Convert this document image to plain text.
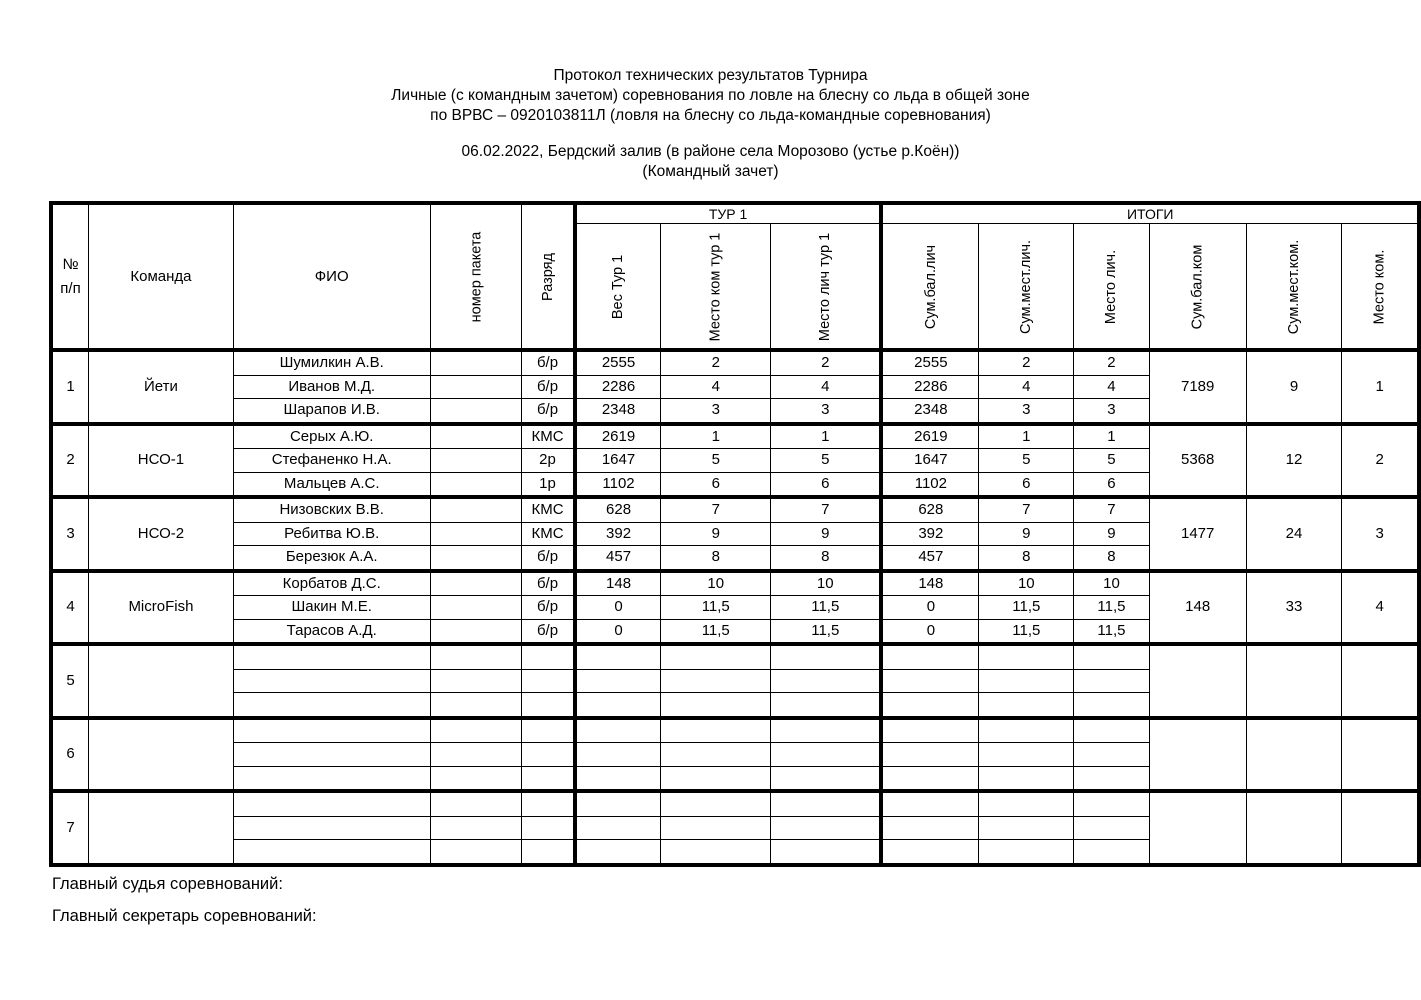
Протокол технических результатов Турнира
Личные (с командным зачетом) соревнования по ловле на блесну со льда в общей зоне
по ВРВС – 0920103811Л (ловля на блесну со льда-командные соревнования)
06.02.2022, Бердский залив (в районе села Морозово (устье р.Коён))
(Командный зачет)
№ п/п	Команда	ФИО	номер пакета	Разряд	ТУР 1			ИТОГИ					
					Вес Тур 1	Место ком тур 1	Место лич тур 1	Сум.бал.лич	Сум.мест.лич.	Место лич.	Сум.бал.ком	Сум.мест.ком.	Место ком.
1	Йети	Шумилкин А.В.		б/р	2555	2	2	2555	2	2	7189	9	1
		Иванов М.Д.		б/р	2286	4	4	2286	4	4			
		Шарапов И.В.		б/р	2348	3	3	2348	3	3			
2	НСО-1	Серых А.Ю.		КМС	2619	1	1	2619	1	1	5368	12	2
		Стефаненко Н.А.		2р	1647	5	5	1647	5	5			
		Мальцев А.С.		1р	1102	6	6	1102	6	6			
3	НСО-2	Низовских В.В.		КМС	628	7	7	628	7	7	1477	24	3
		Ребитва Ю.В.		КМС	392	9	9	392	9	9			
		Березюк А.А.		б/р	457	8	8	457	8	8			
4	MicroFish	Корбатов Д.С.		б/р	148	10	10	148	10	10	148	33	4
		Шакин М.Е.		б/р	0	11,5	11,5	0	11,5	11,5			
		Тарасов А.Д.		б/р	0	11,5	11,5	0	11,5	11,5			
5													

6													

7													

Главный судья соревнований:
Главный секретарь соревнований:
